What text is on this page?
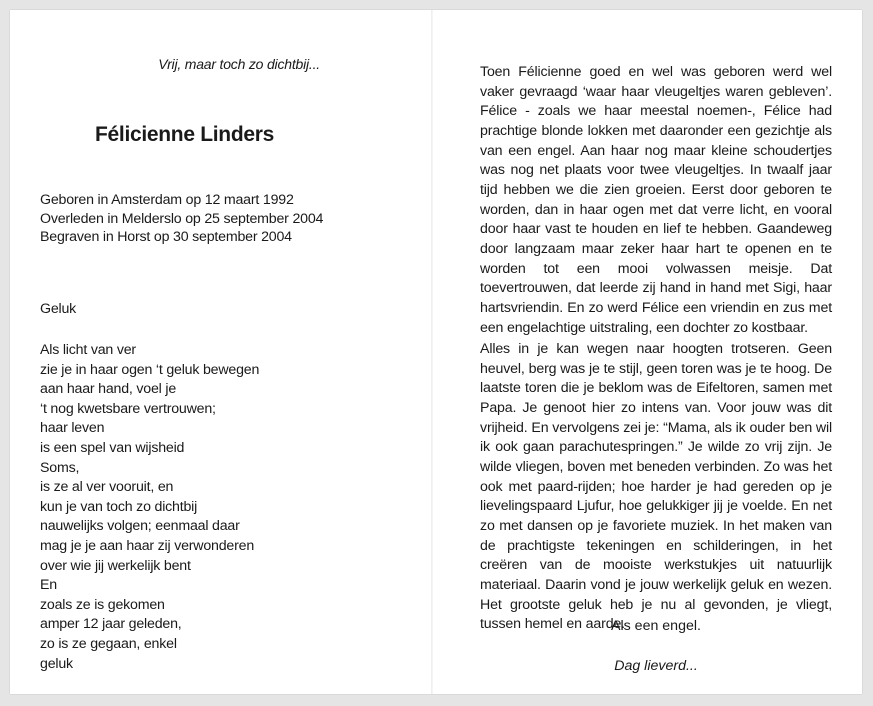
Vrij, maar toch zo dichtbij...
Félicienne Linders
Geboren in Amsterdam op 12 maart 1992
Overleden in Melderslo op 25 september 2004
Begraven in Horst op 30 september 2004
Geluk
Als licht van ver
zie je in haar ogen ‘t geluk bewegen
aan haar hand, voel je
‘t nog kwetsbare vertrouwen;
haar leven
is een spel van wijsheid
Soms,
is ze al ver vooruit, en
kun je van toch zo dichtbij
nauwelijks volgen; eenmaal daar
mag je je aan haar zij verwonderen
over wie jij werkelijk bent
En
zoals ze is gekomen
amper 12 jaar geleden,
zo is ze gegaan, enkel
geluk
Toen Félicienne goed en wel was geboren werd wel vaker gevraagd ‘waar haar vleugeltjes waren gebleven’. Félice - zoals we haar meestal noemen-, Félice had prachtige blonde lokken met daaronder een gezichtje als van een engel. Aan haar nog maar kleine schoudertjes was nog net plaats voor twee vleugeltjes. In twaalf jaar tijd hebben we die zien groeien. Eerst door geboren te worden, dan in haar ogen met dat verre licht, en vooral door haar vast te houden en lief te hebben. Gaandeweg door langzaam maar zeker haar hart te openen en te worden tot een mooi volwassen meisje. Dat toevertrouwen, dat leerde zij hand in hand met Sigi, haar hartsvriendin. En zo werd Félice een vriendin en zus met een engelachtige uitstraling, een dochter zo kostbaar.
Alles in je kan wegen naar hoogten trotseren. Geen heuvel, berg was je te stijl, geen toren was je te hoog. De laatste toren die je beklom was de Eifeltoren, samen met Papa. Je genoot hier zo intens van. Voor jouw was dit vrijheid. En vervolgens zei je: “Mama, als ik ouder ben wil ik ook gaan parachutespringen.” Je wilde zo vrij zijn. Je wilde vliegen, boven met beneden verbinden. Zo was het ook met paard-rijden; hoe harder je had gereden op je lievelingspaard Ljufur, hoe gelukkiger jij je voelde. En net zo met dansen op je favoriete muziek. In het maken van de prachtigste tekeningen en schilderingen, in het creëren van de mooiste werkstukjes uit natuurlijk materiaal. Daarin vond je jouw werkelijk geluk en wezen. Het grootste geluk heb je nu al gevonden, je vliegt, tussen hemel en aarde.
Als een engel.
Dag lieverd...
